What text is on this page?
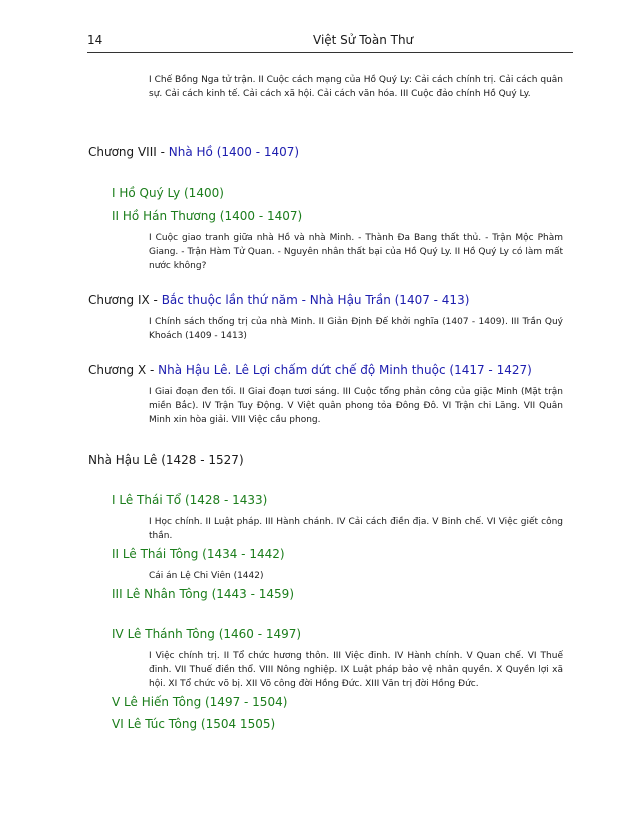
14	Việt Sử Toàn Thư
I Chế Bồng Nga tử trận. II Cuộc cách mạng của Hồ Quý Ly: Cải cách chính trị. Cải cách quân sự. Cải cách kinh tế. Cải cách xã hội. Cải cách văn hóa. III Cuộc đảo chính Hồ Quý Ly.
Chương VIII - Nhà Hồ (1400 - 1407)
I Hồ Quý Ly (1400)
II Hồ Hán Thương (1400 - 1407)
I Cuộc giao tranh giữa nhà Hồ và nhà Minh. - Thành Đa Bang thất thủ. - Trận Mộc Phàm Giang. - Trận Hàm Tử Quan. - Nguyên nhân thất bại của Hồ Quý Ly. II Hồ Quý Ly có làm mất nước không?
Chương IX - Bắc thuộc lần thứ năm - Nhà Hậu Trần (1407 - 413)
I Chính sách thống trị của nhà Minh. II Giản Định Đế khởi nghĩa (1407 - 1409). III Trần Quý Khoách (1409 - 1413)
Chương X - Nhà Hậu Lê. Lê Lợi chấm dứt chế độ Minh thuộc (1417 - 1427)
I Giai đoạn đen tối. II Giai đoạn tươi sáng. III Cuộc tổng phản công của giặc Minh (Mặt trận miền Bắc). IV Trận Tuy Động. V Việt quân phong tỏa Đông Đô. VI Trận chi Lăng. VII Quân Minh xin hòa giải. VIII Việc cầu phong.
Nhà Hậu Lê (1428 - 1527)
I Lê Thái Tổ (1428 - 1433)
I Học chính. II Luật pháp. III Hành chánh. IV Cải cách điền địa. V Binh chế. VI Việc giết công thần.
II Lê Thái Tông (1434 - 1442)
Cái án Lệ Chi Viên (1442)
III Lê Nhân Tông (1443 - 1459)
IV Lê Thánh Tông (1460 - 1497)
I Việc chính trị. II Tổ chức hương thôn. III Việc đinh. IV Hành chính. V Quan chế. VI Thuế đinh. VII Thuế điền thổ. VIII Nông nghiệp. IX Luật pháp bảo vệ nhân quyền. X Quyền lợi xã hội. XI Tổ chức võ bị. XII Võ công đời Hồng Đức. XIII Văn trị đời Hồng Đức.
V Lê Hiến Tông (1497 - 1504)
VI Lê Túc Tông (1504 1505)
